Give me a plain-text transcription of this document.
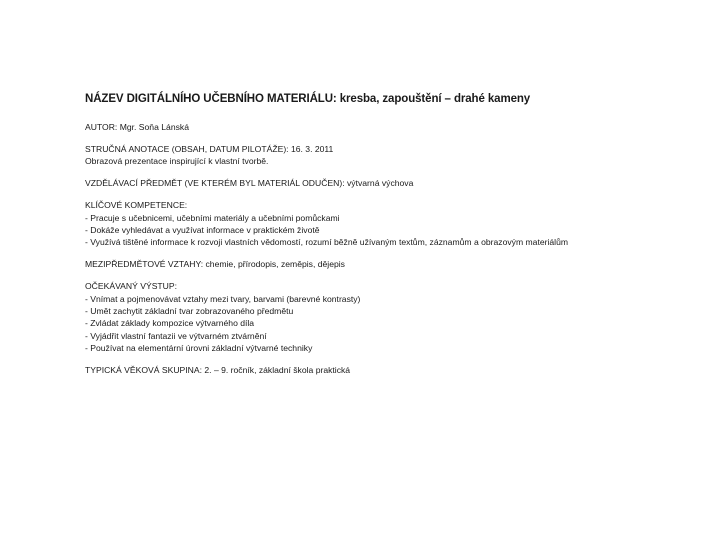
NÁZEV DIGITÁLNÍHO UČEBNÍHO MATERIÁLU: kresba, zapouštění – drahé kameny
AUTOR: Mgr. Soňa Lánská
STRUČNÁ ANOTACE (OBSAH, DATUM PILOTÁŽE): 16. 3. 2011
Obrazová prezentace inspirující k vlastní tvorbě.
VZDĚLÁVACÍ PŘEDMĚT (VE KTERÉM BYL MATERIÁL ODUČEN): výtvarná výchova
KLÍČOVÉ KOMPETENCE:
- Pracuje s učebnicemi, učebními materiály a učebními pomůckami
- Dokáže vyhledávat a využívat informace v praktickém životě
- Využívá tištěné informace k rozvoji vlastních vědomostí, rozumí běžně užívaným textům, záznamům a obrazovým materiálům
MEZIPŘEDMĚTOVÉ VZTAHY: chemie, přírodopis, zeměpis, dějepis
OČEKÁVANÝ VÝSTUP:
- Vnímat a pojmenovávat vztahy mezi tvary, barvami (barevné kontrasty)
- Umět zachytit základní tvar zobrazovaného předmětu
- Zvládat základy kompozice výtvarného díla
- Vyjádřit vlastní fantazii ve výtvarném ztvárnění
- Používat na elementární úrovni základní výtvarné techniky
TYPICKÁ VĚKOVÁ SKUPINA: 2. – 9. ročník, základní škola praktická
